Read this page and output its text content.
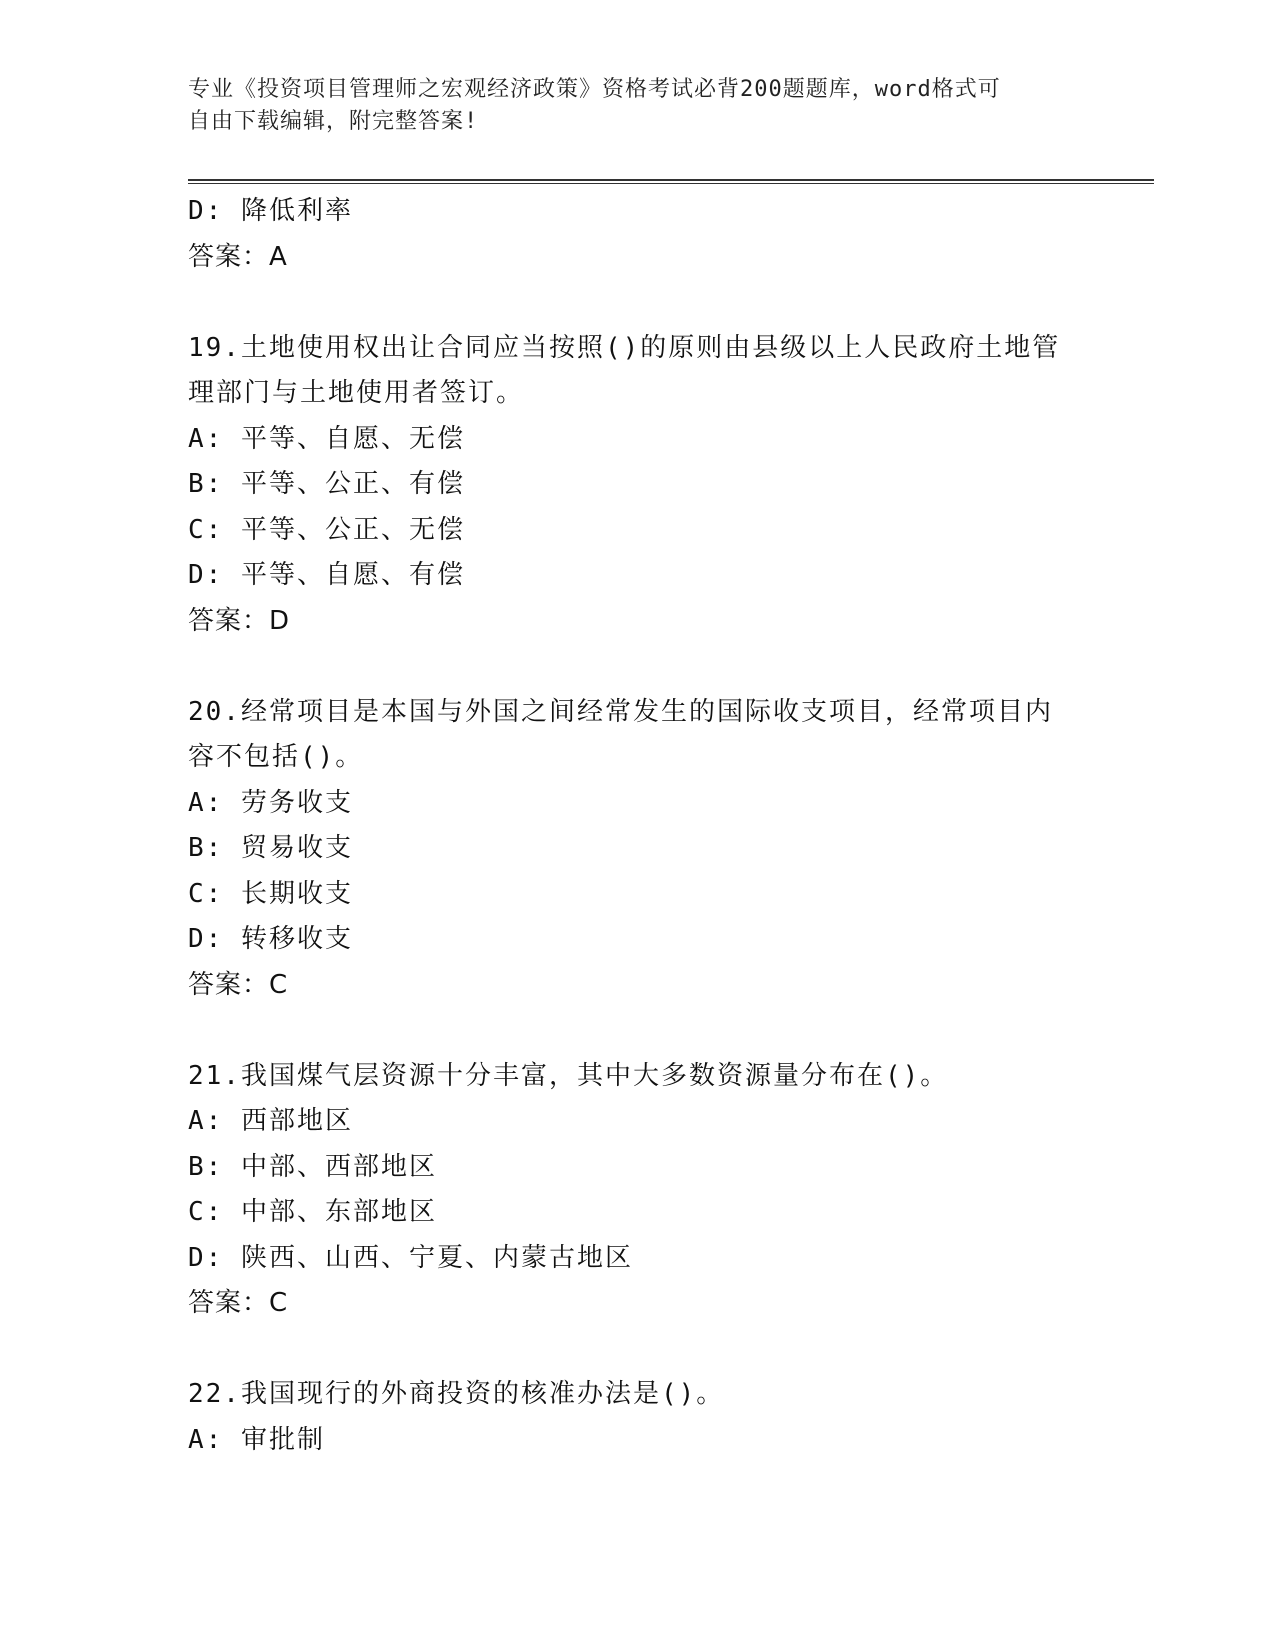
专业《投资项目管理师之宏观经济政策》资格考试必背200题题库，word格式可
自由下载编辑，附完整答案!
D: 降低利率
答案：A
19.土地使用权出让合同应当按照()的原则由县级以上人民政府土地管
理部门与土地使用者签订。
A: 平等、自愿、无偿
B: 平等、公正、有偿
C: 平等、公正、无偿
D: 平等、自愿、有偿
答案：D
20.经常项目是本国与外国之间经常发生的国际收支项目，经常项目内
容不包括()。
A: 劳务收支
B: 贸易收支
C: 长期收支
D: 转移收支
答案：C
21.我国煤气层资源十分丰富，其中大多数资源量分布在()。
A: 西部地区
B: 中部、西部地区
C: 中部、东部地区
D: 陕西、山西、宁夏、内蒙古地区
答案：C
22.我国现行的外商投资的核准办法是()。
A: 审批制
